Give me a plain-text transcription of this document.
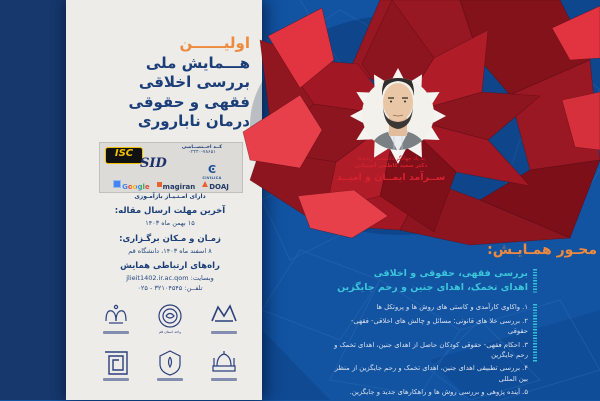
به یاد جهادگر دانشمند، زنده‌یاد
دکتر سعید کاظمی آشتیانی
ســرآمد ایمــان و امیــد
اولیــــــن
هـــمایش ملی
بررسی اخلاقی
فقهی و حقوقی
درمان ناباروری
ISC
کــد اخــتصــاصی
۰۲۴۴۰-۷۸۶۵۱
SID	Ͼ
CIVILICA
Google	magiran	DOAJ
دارای امـتـیـاز بازآمـوزی
آخرین مهلت ارسال مقاله:
۱۵ بهمن ماه ۱۴۰۳
زمـان و مـکان برگـزاری:
۸ اسفند ماه ۱۴۰۳، دانشگاه قم
راه‌های ارتباطی همایش
وبسایت: jlieit1402.ir.ac.qom
تلفــن: ۰۲۵ - ۳۲۱۰۴۵۴۵
واحد استان قم
محـور همـایـش:
بررسی فقهی، حقوقی و اخلاقی
اهدای تخمک، اهدای جنین و رحم جایگزین
۱. واکاوی کارآمدی و کاستی های روش ها و پروتکل ها
۲. بررسی خلا های قانونی: مسائل و چالش های اخلاقی- فقهی- حقوقی
۳. احکام فقهی- حقوقی کودکان حاصل از اهدای جنین، اهدای تخمک و رحم جایگزین
۴. بررسی تطبیقی اهدای جنین، اهدای تخمک و رحم جایگزین از منظر بین المللی
۵. آینده پژوهی و بررسی روش ها و راهکارهای جدید و جایگزین.
